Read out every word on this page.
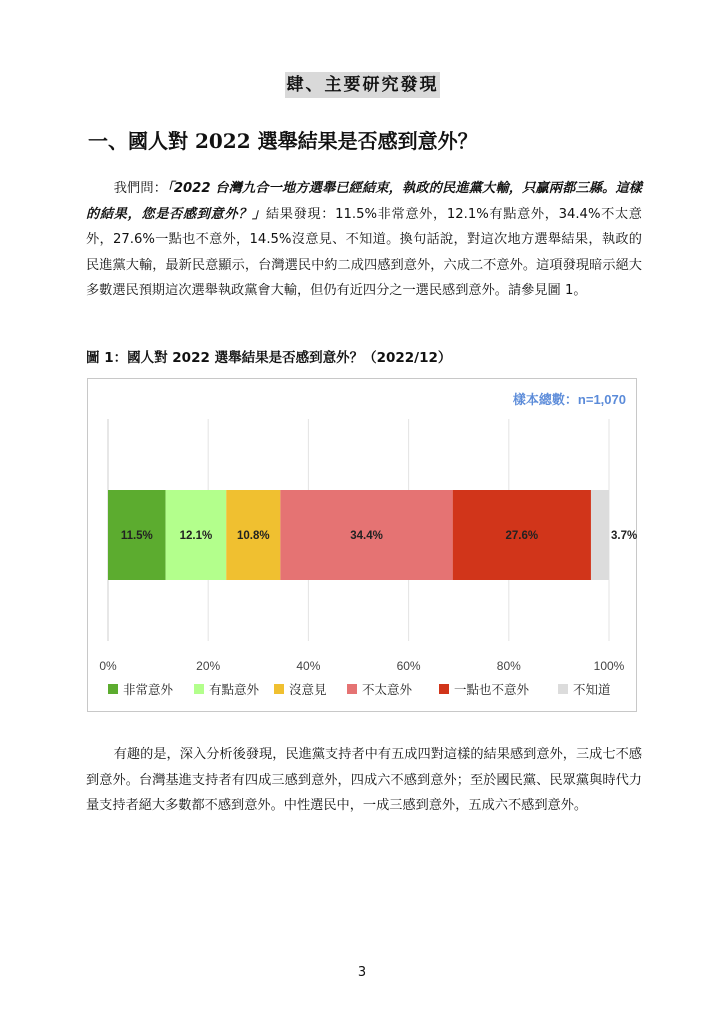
肆、主要研究發現
一、國人對 2022 選舉結果是否感到意外？
我們問：「2022 台灣九合一地方選舉已經結束，執政的民進黨大輸，只贏兩都三縣。這樣的結果，您是否感到意外？」結果發現：11.5%非常意外，12.1%有點意外，34.4%不太意外，27.6%一點也不意外，14.5%沒意見、不知道。換句話說，對這次地方選舉結果，執政的民進黨大輸，最新民意顯示，台灣選民中約二成四感到意外，六成二不意外。這項發現暗示絕大多數選民預期這次選舉執政黨會大輸，但仍有近四分之一選民感到意外。請參見圖 1。
圖 1：國人對 2022 選舉結果是否感到意外？（2022/12）
樣本總數：n=1,070
0%	20%	40%	60%	80%	100%
11.5% 12.1% 10.8%	34.4%	27.6%	3.7%
非常意外	有點意外 沒意見	不太意外	一點也不意外	不知道
有趣的是，深入分析後發現，民進黨支持者中有五成四對這樣的結果感到意外，三成七不感到意外。台灣基進支持者有四成三感到意外，四成六不感到意外；至於國民黨、民眾黨與時代力量支持者絕大多數都不感到意外。中性選民中，一成三感到意外，五成六不感到意外。
3
